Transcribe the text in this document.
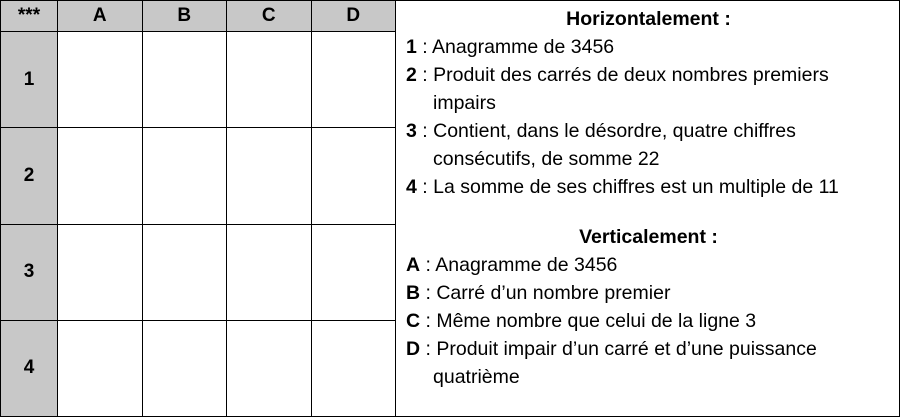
***	A	B	C	D
1				
2				
3				
4				

Horizontalement :

1 : Anagramme de 3456

2 : Produit des carrés de deux nombres premiers impairs

3 : Contient, dans le désordre, quatre chiffres consécutifs, de somme 22

4 : La somme de ses chiffres est un multiple de 11

Verticalement :

A : Anagramme de 3456

B : Carré d’un nombre premier

C : Même nombre que celui de la ligne 3

D : Produit impair d’un carré et d’une puissance quatrième
